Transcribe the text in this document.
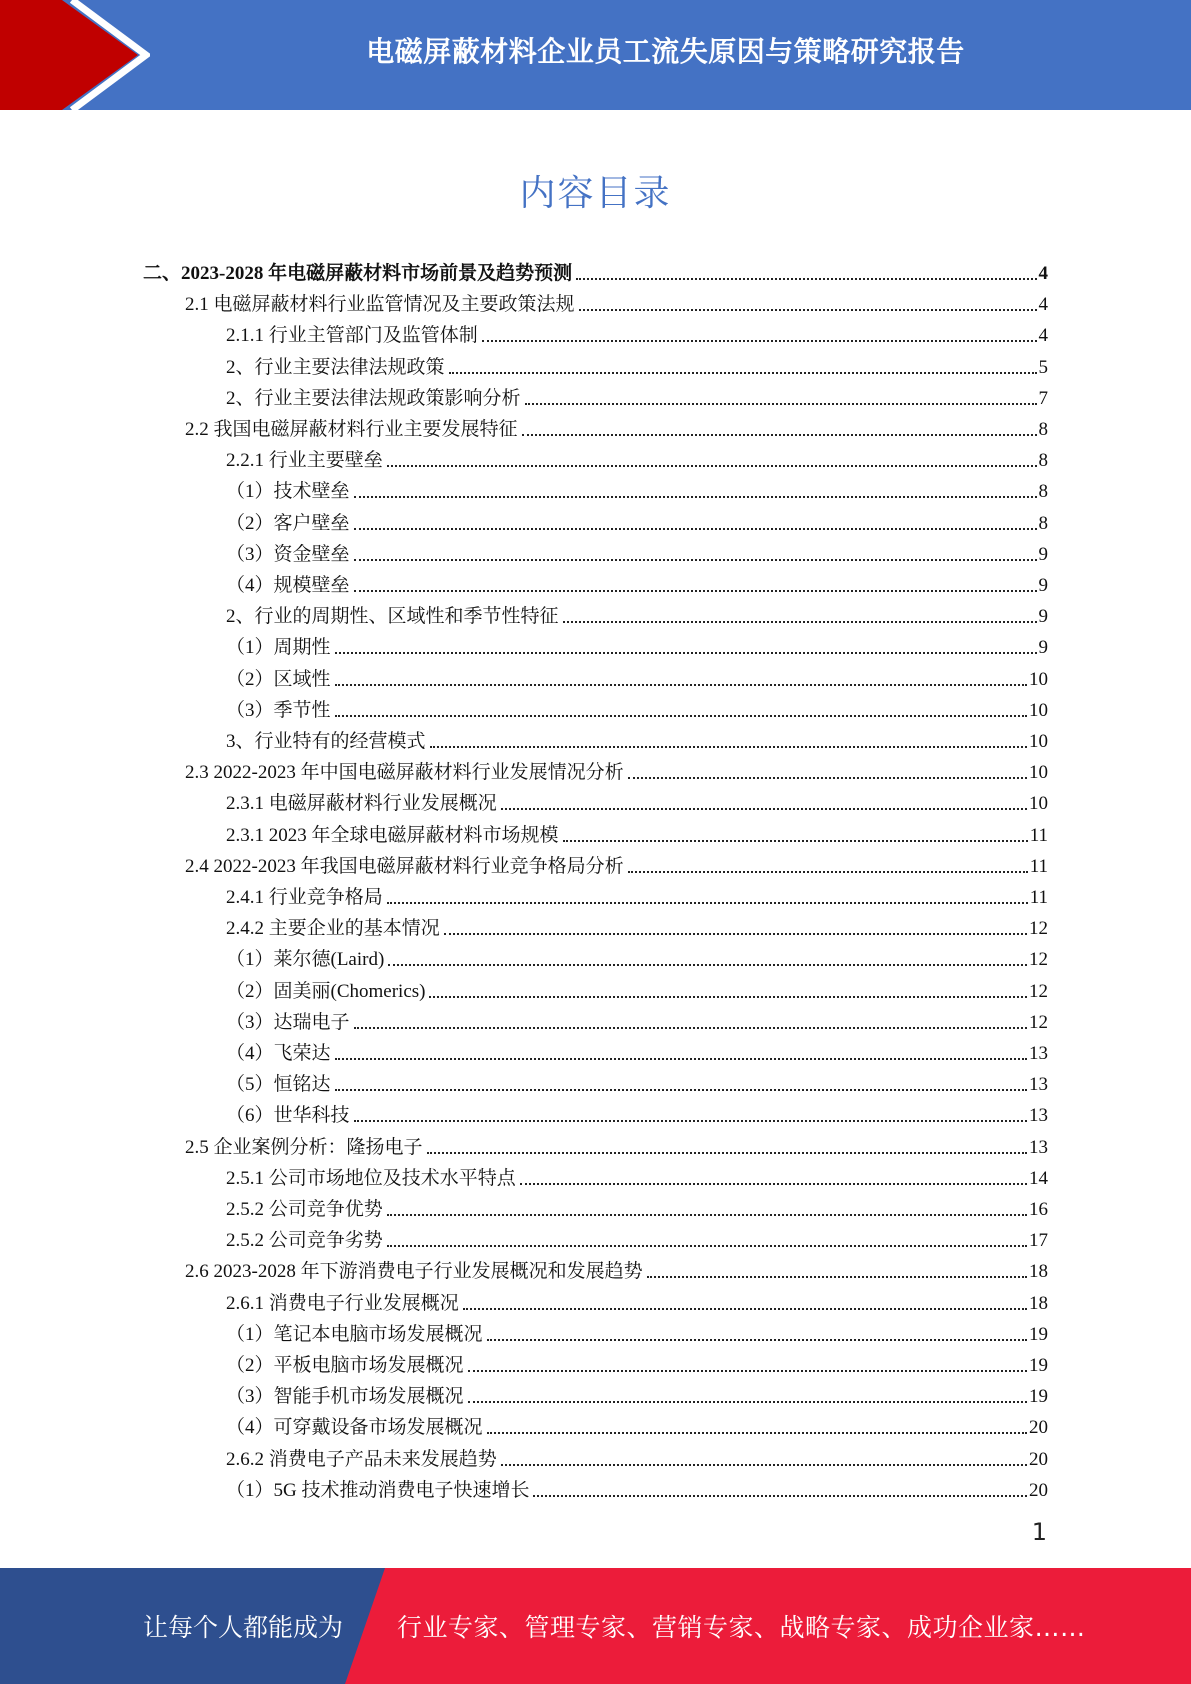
电磁屏蔽材料企业员工流失原因与策略研究报告
内容目录
二、2023-2028 年电磁屏蔽材料市场前景及趋势预测	4
2.1 电磁屏蔽材料行业监管情况及主要政策法规	4
2.1.1 行业主管部门及监管体制	4
2、行业主要法律法规政策	5
2、行业主要法律法规政策影响分析	7
2.2 我国电磁屏蔽材料行业主要发展特征	8
2.2.1 行业主要壁垒	8
（1）技术壁垒	8
（2）客户壁垒	8
（3）资金壁垒	9
（4）规模壁垒	9
2、行业的周期性、区域性和季节性特征	9
（1）周期性	9
（2）区域性	10
（3）季节性	10
3、行业特有的经营模式	10
2.3 2022-2023 年中国电磁屏蔽材料行业发展情况分析	10
2.3.1 电磁屏蔽材料行业发展概况	10
2.3.1 2023 年全球电磁屏蔽材料市场规模	11
2.4 2022-2023 年我国电磁屏蔽材料行业竞争格局分析	11
2.4.1 行业竞争格局	11
2.4.2 主要企业的基本情况	12
（1）莱尔德(Laird)	12
（2）固美丽(Chomerics)	12
（3）达瑞电子	12
（4）飞荣达	13
（5）恒铭达	13
（6）世华科技	13
2.5 企业案例分析：隆扬电子	13
2.5.1 公司市场地位及技术水平特点	14
2.5.2 公司竞争优势	16
2.5.2 公司竞争劣势	17
2.6 2023-2028 年下游消费电子行业发展概况和发展趋势	18
2.6.1 消费电子行业发展概况	18
（1）笔记本电脑市场发展概况	19
（2）平板电脑市场发展概况	19
（3）智能手机市场发展概况	19
（4）可穿戴设备市场发展概况	20
2.6.2 消费电子产品未来发展趋势	20
（1）5G 技术推动消费电子快速增长	20
1
让每个人都能成为 行业专家、管理专家、营销专家、战略专家、成功企业家……
